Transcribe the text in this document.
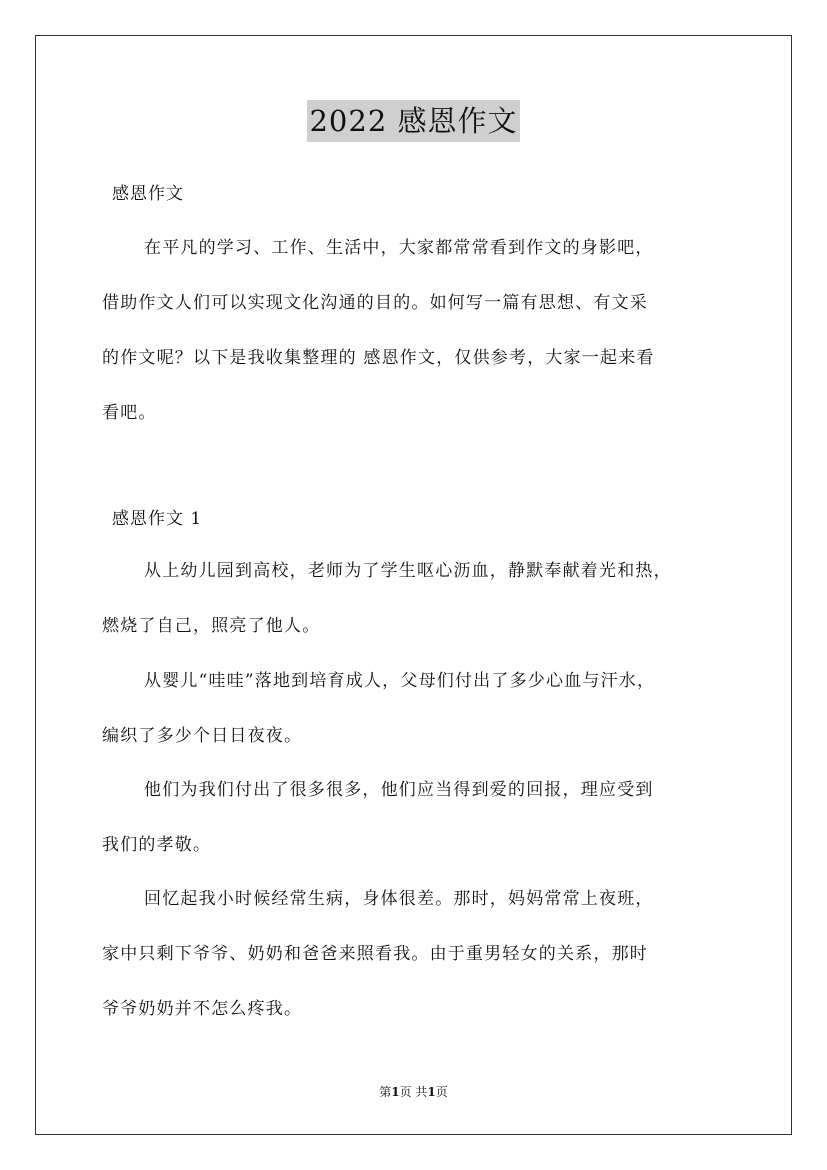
2022 感恩作文
感恩作文
在平凡的学习、工作、生活中，大家都常常看到作文的身影吧，
借助作文人们可以实现文化沟通的目的。如何写一篇有思想、有文采
的作文呢？以下是我收集整理的 感恩作文，仅供参考，大家一起来看
看吧。
感恩作文 1
从上幼儿园到高校，老师为了学生呕心沥血，静默奉献着光和热，
燃烧了自己，照亮了他人。
从婴儿“哇哇”落地到培育成人，父母们付出了多少心血与汗水，
编织了多少个日日夜夜。
他们为我们付出了很多很多，他们应当得到爱的回报，理应受到
我们的孝敬。
回忆起我小时候经常生病，身体很差。那时，妈妈常常上夜班，
家中只剩下爷爷、奶奶和爸爸来照看我。由于重男轻女的关系，那时
爷爷奶奶并不怎么疼我。
第1页 共1页
